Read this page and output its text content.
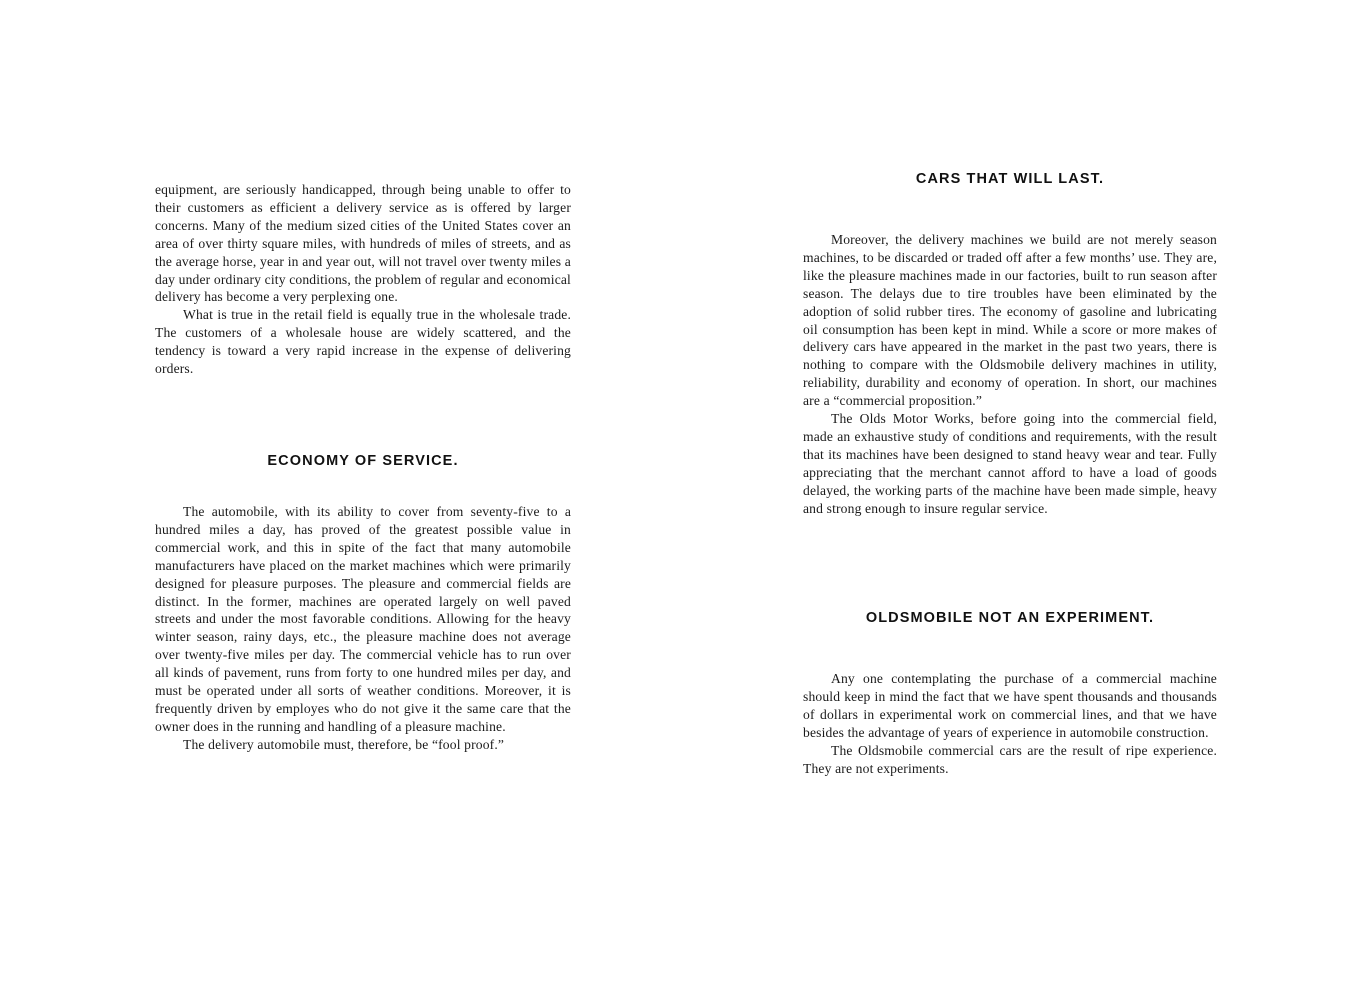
equipment, are seriously handicapped, through being unable to offer to their customers as efficient a delivery service as is offered by larger concerns. Many of the medium sized cities of the United States cover an area of over thirty square miles, with hundreds of miles of streets, and as the average horse, year in and year out, will not travel over twenty miles a day under ordinary city conditions, the problem of regular and economical delivery has become a very perplexing one.

What is true in the retail field is equally true in the wholesale trade. The customers of a wholesale house are widely scattered, and the tendency is toward a very rapid increase in the expense of delivering orders.

ECONOMY OF SERVICE.

The automobile, with its ability to cover from seventy-five to a hundred miles a day, has proved of the greatest possible value in commercial work, and this in spite of the fact that many automobile manufacturers have placed on the market machines which were primarily designed for pleasure purposes. The pleasure and commercial fields are distinct. In the former, machines are operated largely on well paved streets and under the most favorable conditions. Allowing for the heavy winter season, rainy days, etc., the pleasure machine does not average over twenty-five miles per day. The commercial vehicle has to run over all kinds of pavement, runs from forty to one hundred miles per day, and must be operated under all sorts of weather conditions. Moreover, it is frequently driven by employes who do not give it the same care that the owner does in the running and handling of a pleasure machine.

The delivery automobile must, therefore, be “fool proof.”

CARS THAT WILL LAST.

Moreover, the delivery machines we build are not merely season machines, to be discarded or traded off after a few months’ use. They are, like the pleasure machines made in our factories, built to run season after season. The delays due to tire troubles have been eliminated by the adoption of solid rubber tires. The economy of gasoline and lubricating oil consumption has been kept in mind. While a score or more makes of delivery cars have appeared in the market in the past two years, there is nothing to compare with the Oldsmobile delivery machines in utility, reliability, durability and economy of operation. In short, our machines are a “commercial proposition.”

The Olds Motor Works, before going into the commercial field, made an exhaustive study of conditions and requirements, with the result that its machines have been designed to stand heavy wear and tear. Fully appreciating that the merchant cannot afford to have a load of goods delayed, the working parts of the machine have been made simple, heavy and strong enough to insure regular service.

OLDSMOBILE NOT AN EXPERIMENT.

Any one contemplating the purchase of a commercial machine should keep in mind the fact that we have spent thousands and thousands of dollars in experimental work on commercial lines, and that we have besides the advantage of years of experience in automobile construction.

The Oldsmobile commercial cars are the result of ripe experience. They are not experiments.
